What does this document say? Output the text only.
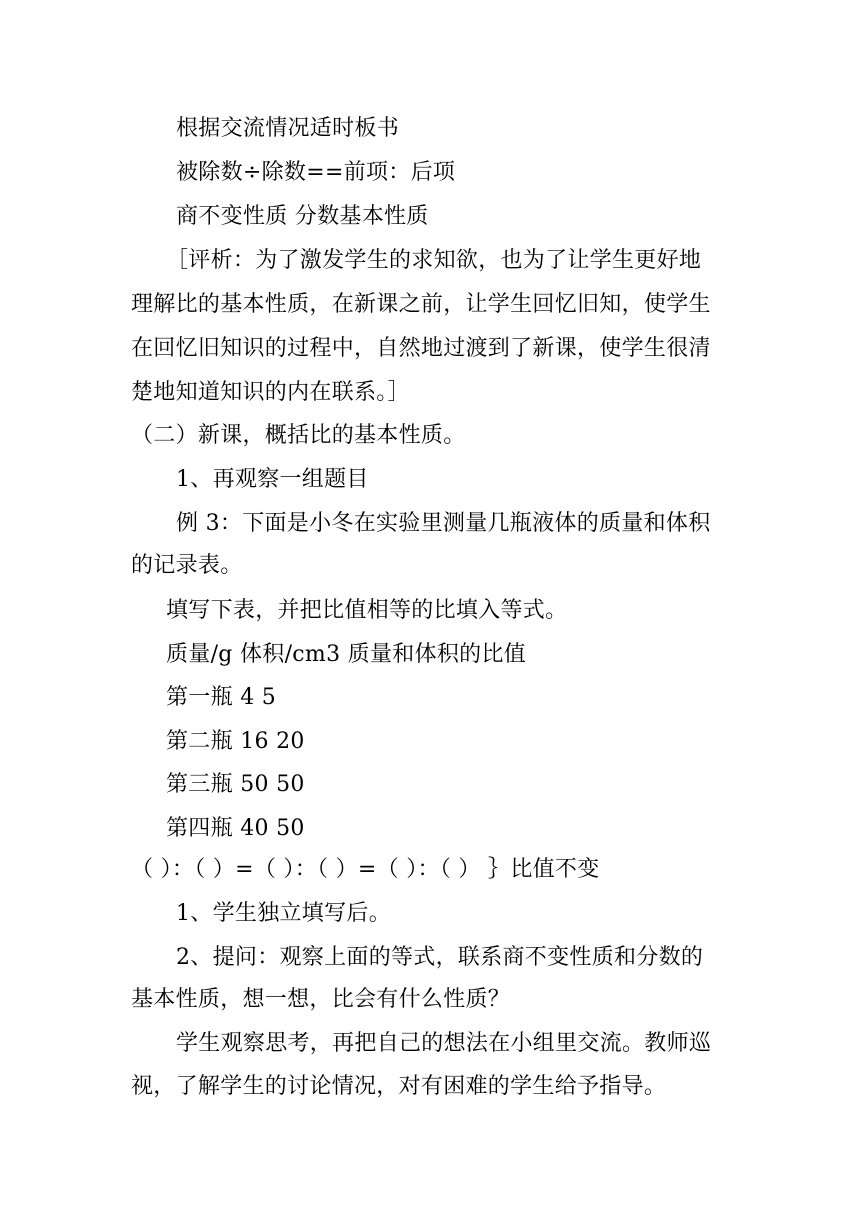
根据交流情况适时板书
被除数÷除数==前项：后项
商不变性质 分数基本性质
［评析：为了激发学生的求知欲，也为了让学生更好地
理解比的基本性质，在新课之前，让学生回忆旧知，使学生
在回忆旧知识的过程中，自然地过渡到了新课，使学生很清
楚地知道知识的内在联系。］
（二）新课，概括比的基本性质。
1、再观察一组题目
例 3：下面是小冬在实验里测量几瓶液体的质量和体积
的记录表。
填写下表，并把比值相等的比填入等式。
质量/g 体积/cm3 质量和体积的比值
第一瓶 4 5
第二瓶 16 20
第三瓶 50 50
第四瓶 40 50
（ ）：（ ）=（ ）：（ ）=（ ）：（ ） ｝比值不变
1、学生独立填写后。
2、提问：观察上面的等式，联系商不变性质和分数的
基本性质，想一想，比会有什么性质？
学生观察思考，再把自己的想法在小组里交流。教师巡
视，了解学生的讨论情况，对有困难的学生给予指导。
